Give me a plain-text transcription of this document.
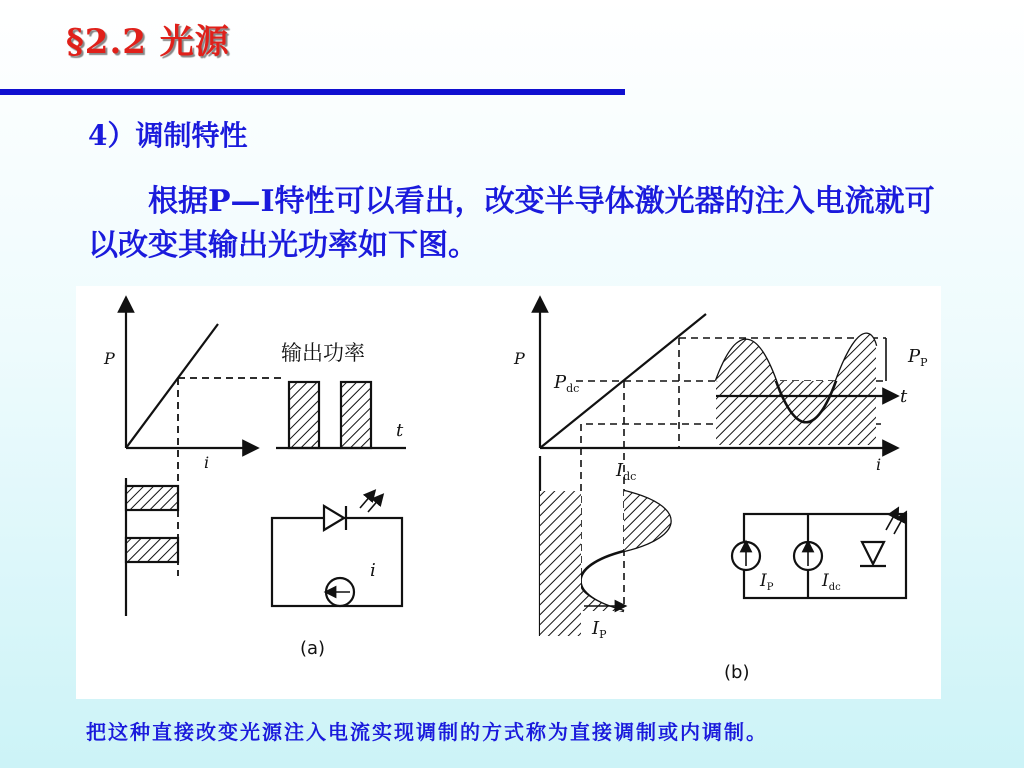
§2.2 光源
4）调制特性
根据P—I特性可以看出，改变半导体激光器的注入电流就可以改变其输出光功率如下图。
P
i
t
输出功率
i
(a)
P
i
t
$P_{dc}$
$P_P$
$I_{dc}$
$I_P$
$I_P$	$I_{dc}$
(b)
把这种直接改变光源注入电流实现调制的方式称为直接调制或内调制。
